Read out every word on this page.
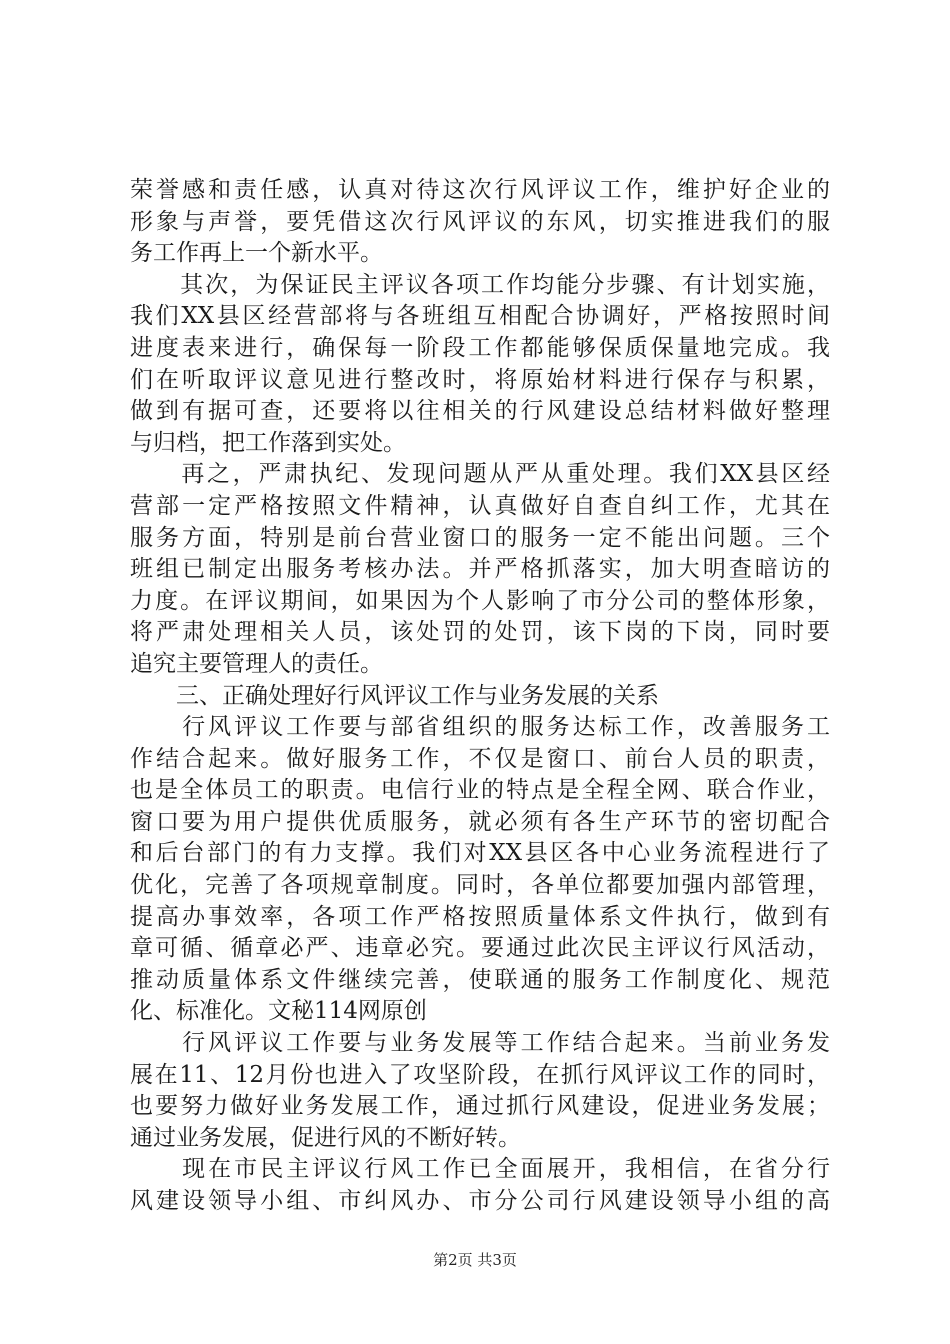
荣誉感和责任感，认真对待这次行风评议工作，维护好企业的
形象与声誉，要凭借这次行风评议的东风，切实推进我们的服
务工作再上一个新水平。
　　其次，为保证民主评议各项工作均能分步骤、有计划实施，
我们XX县区经营部将与各班组互相配合协调好，严格按照时间
进度表来进行，确保每一阶段工作都能够保质保量地完成。我
们在听取评议意见进行整改时，将原始材料进行保存与积累，
做到有据可查，还要将以往相关的行风建设总结材料做好整理
与归档，把工作落到实处。
　　再之，严肃执纪、发现问题从严从重处理。我们XX县区经
营部一定严格按照文件精神，认真做好自查自纠工作，尤其在
服务方面，特别是前台营业窗口的服务一定不能出问题。三个
班组已制定出服务考核办法。并严格抓落实，加大明查暗访的
力度。在评议期间，如果因为个人影响了市分公司的整体形象，
将严肃处理相关人员，该处罚的处罚，该下岗的下岗，同时要
追究主要管理人的责任。
　　三、正确处理好行风评议工作与业务发展的关系
　　行风评议工作要与部省组织的服务达标工作，改善服务工
作结合起来。做好服务工作，不仅是窗口、前台人员的职责，
也是全体员工的职责。电信行业的特点是全程全网、联合作业，
窗口要为用户提供优质服务，就必须有各生产环节的密切配合
和后台部门的有力支撑。我们对XX县区各中心业务流程进行了
优化，完善了各项规章制度。同时，各单位都要加强内部管理，
提高办事效率，各项工作严格按照质量体系文件执行，做到有
章可循、循章必严、违章必究。要通过此次民主评议行风活动，
推动质量体系文件继续完善，使联通的服务工作制度化、规范
化、标准化。文秘114网原创
　　行风评议工作要与业务发展等工作结合起来。当前业务发
展在11、12月份也进入了攻坚阶段，在抓行风评议工作的同时，
也要努力做好业务发展工作，通过抓行风建设，促进业务发展；
通过业务发展，促进行风的不断好转。
　　现在市民主评议行风工作已全面展开，我相信，在省分行
风建设领导小组、市纠风办、市分公司行风建设领导小组的高
第2页 共3页
